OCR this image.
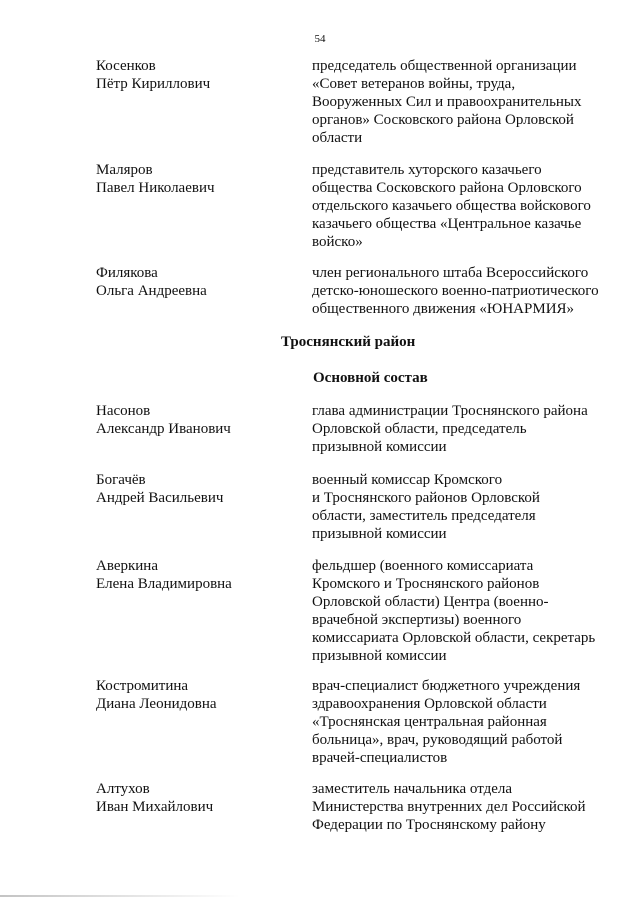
54
Косенков
Пётр Кириллович
председатель общественной организации
«Совет ветеранов войны, труда,
Вооруженных Сил и правоохранительных
органов» Сосковского района Орловской
области
Маляров
Павел Николаевич
представитель хуторского казачьего
общества Сосковского района Орловского
отдельского казачьего общества войскового
казачьего общества «Центральное казачье
войско»
Филякова
Ольга Андреевна
член регионального штаба Всероссийского
детско-юношеского военно-патриотического
общественного движения «ЮНАРМИЯ»
Троснянский район
Основной состав
Насонов
Александр Иванович
глава администрации Троснянского района
Орловской области, председатель
призывной комиссии
Богачёв
Андрей Васильевич
военный комиссар Кромского
и Троснянского районов Орловской
области, заместитель председателя
призывной комиссии
Аверкина
Елена Владимировна
фельдшер (военного комиссариата
Кромского и Троснянского районов
Орловской области) Центра (военно-
врачебной экспертизы) военного
комиссариата Орловской области, секретарь
призывной комиссии
Костромитина
Диана Леонидовна
врач-специалист бюджетного учреждения
здравоохранения Орловской области
«Троснянская центральная районная
больница», врач, руководящий работой
врачей-специалистов
Алтухов
Иван Михайлович
заместитель начальника отдела
Министерства внутренних дел Российской
Федерации по Троснянскому району
